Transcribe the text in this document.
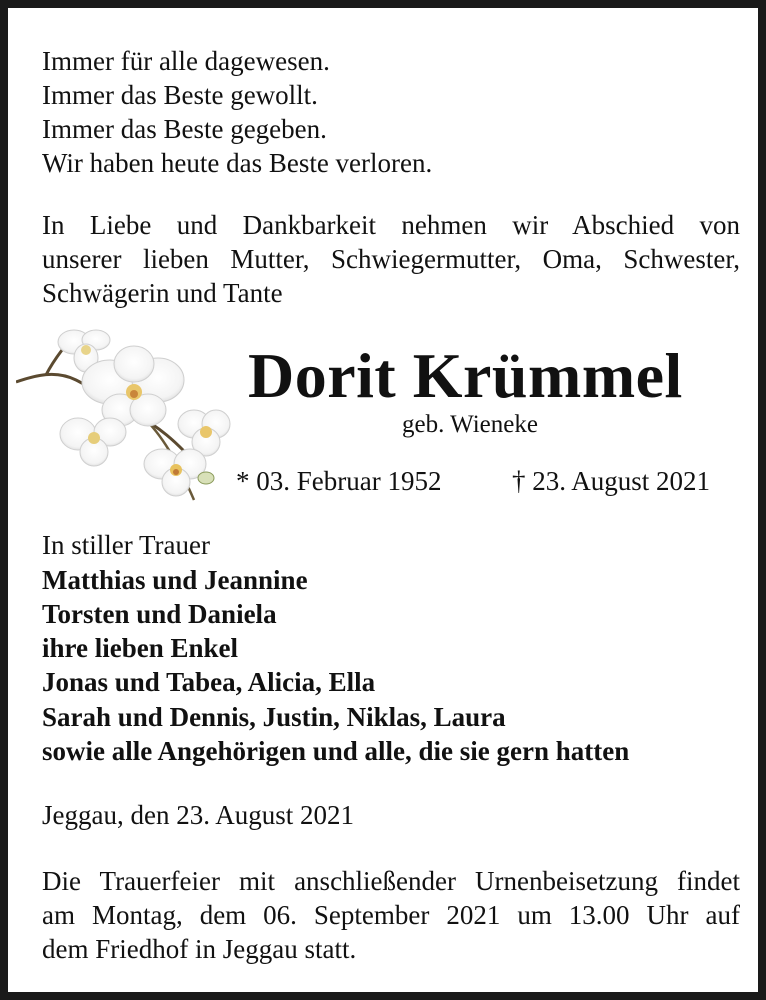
Immer für alle dagewesen.
Immer das Beste gewollt.
Immer das Beste gegeben.
Wir haben heute das Beste verloren.
In Liebe und Dankbarkeit nehmen wir Abschied von
unserer lieben Mutter, Schwiegermutter, Oma, Schwester,
Schwägerin und Tante
Dorit Krümmel
geb. Wieneke
* 03. Februar 1952	† 23. August 2021
In stiller Trauer
Matthias und Jeannine
Torsten und Daniela
ihre lieben Enkel
Jonas und Tabea, Alicia, Ella
Sarah und Dennis, Justin, Niklas, Laura
sowie alle Angehörigen und alle, die sie gern hatten
Jeggau, den 23. August 2021
Die Trauerfeier mit anschließender Urnenbeisetzung findet
am Montag, dem 06. September 2021 um 13.00 Uhr auf
dem Friedhof in Jeggau statt.
